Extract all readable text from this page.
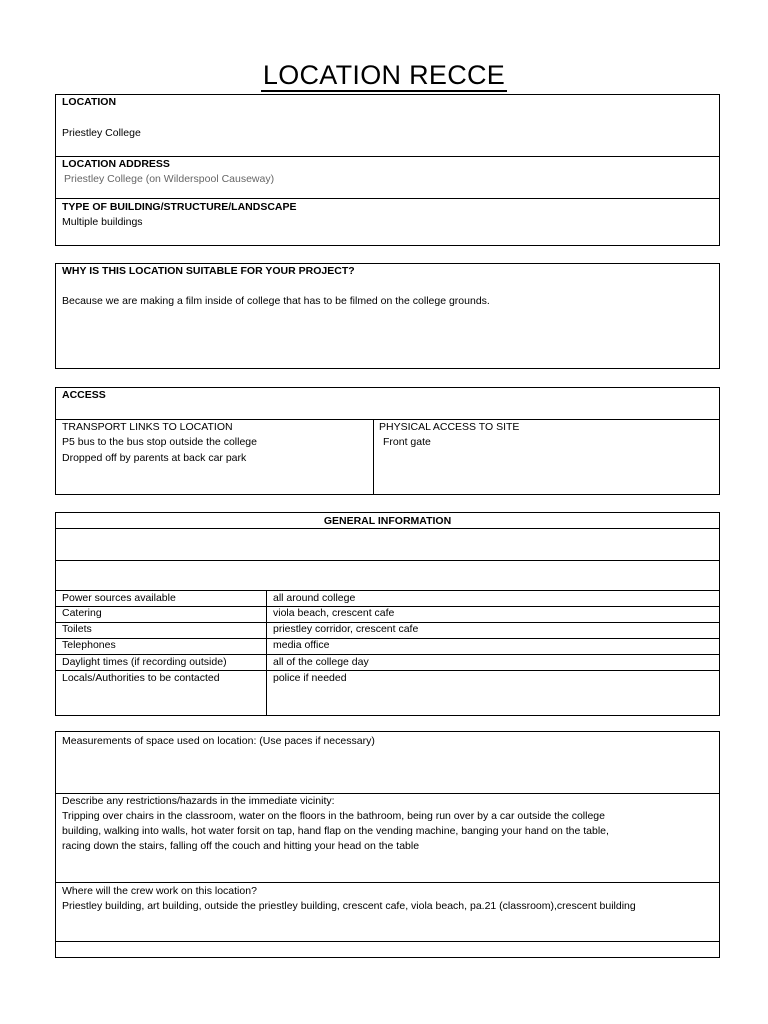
LOCATION RECCE
LOCATION
Priestley College
LOCATION ADDRESS
Priestley College (on Wilderspool Causeway)
TYPE OF BUILDING/STRUCTURE/LANDSCAPE
Multiple buildings
WHY IS THIS LOCATION SUITABLE FOR YOUR PROJECT?
Because we are making a film inside of college that has to be filmed on the college grounds.
ACCESS
TRANSPORT LINKS TO LOCATION
P5 bus to the bus stop outside the college
Dropped off by parents at back car park
PHYSICAL ACCESS TO SITE
Front gate
GENERAL INFORMATION
Power sources available	all around college
Catering	viola beach, crescent cafe
Toilets	priestley corridor, crescent cafe
Telephones	media office
Daylight times (if recording outside)	all of the college day
Locals/Authorities to be contacted	police if needed
Measurements of space used on location: (Use paces if necessary)
Describe any restrictions/hazards in the immediate vicinity:
Tripping over chairs in the classroom, water on the floors in the bathroom, being run over by a car outside the college
building, walking into walls, hot water forsit on tap, hand flap on the vending machine, banging your hand on the table,
racing down the stairs, falling off the couch and hitting your head on the table
Where will the crew work on this location?
Priestley building, art building, outside the priestley building, crescent cafe, viola beach, pa.21 (classroom),crescent building
